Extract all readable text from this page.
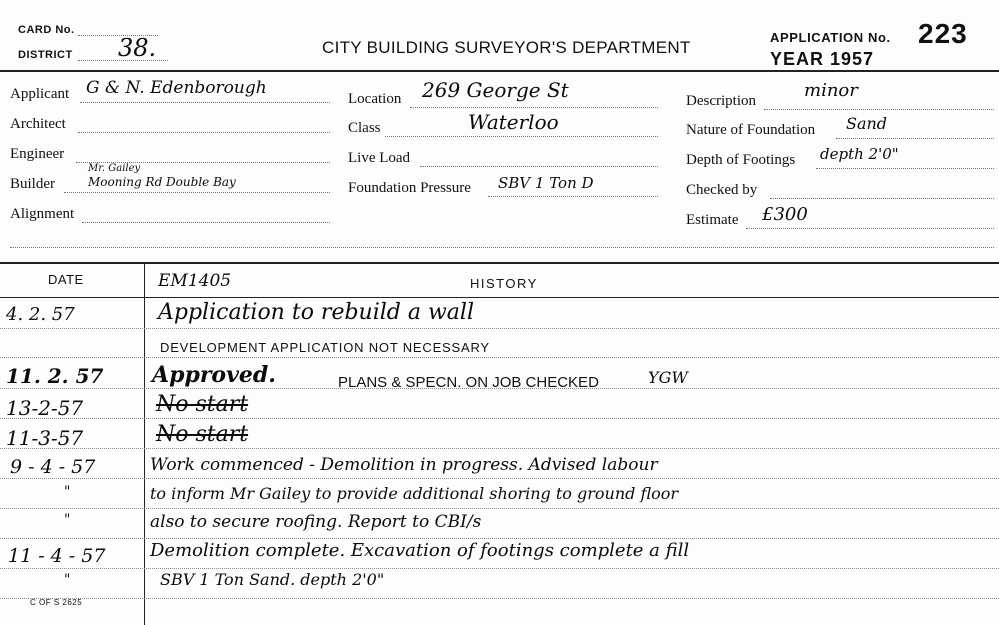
CARD No.
DISTRICT 38.	CITY BUILDING SURVEYOR'S DEPARTMENT
APPLICATION No. 223
YEAR 1957
Applicant G & N. Edenborough
Architect
Engineer
Builder
Mr. Gailey
Mooning Rd Double Bay
Alignment
Location 269 George St
Class	Waterloo
Live Load
Foundation Pressure SBV 1 Ton D
Description	minor
Nature of Foundation Sand
Depth of Footings depth 2'0"
Checked by
Estimate £300
DATE	HISTORY
EM1405
4. 2. 57	Application to rebuild a wall
DEVELOPMENT APPLICATION NOT NECESSARY
11. 2. 57 Approved.	PLANS & SPECN. ON JOB CHECKED	YGW
13-2-57	No start
11-3-57	No start
9 - 4 - 57	Work commenced - Demolition in progress. Advised labour
"	to inform Mr Gailey to provide additional shoring to ground floor
"	also to secure roofing. Report to CBI/s
11 - 4 - 57 Demolition complete. Excavation of footings complete a fill
"	SBV 1 Ton Sand. depth 2'0"
C OF S 2625
